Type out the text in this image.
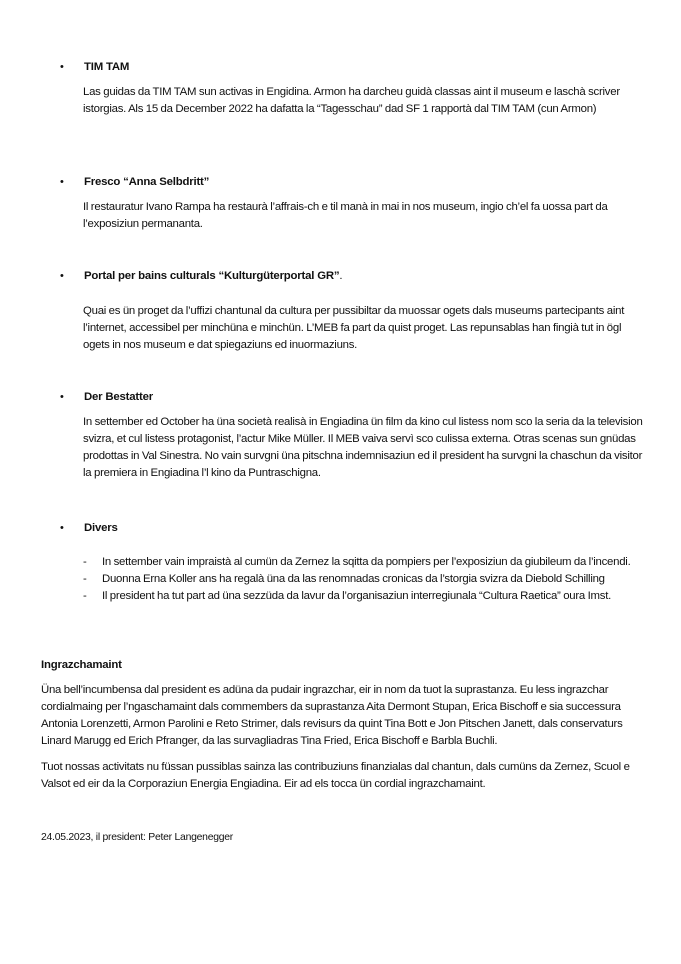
•	TIM TAM
Las guidas da TIM TAM sun activas in Engidina. Armon ha darcheu guidà classas aint il museum e laschà scriver istorgias. Als 15 da December 2022 ha dafatta la “Tagesschau” dad SF 1 rapportà dal TIM TAM (cun Armon)
•	Fresco “Anna Selbdritt”
Il restauratur Ivano Rampa ha restaurà l’affrais-ch e til manà in mai in nos museum, ingio ch’el fa uossa part da l’exposiziun permananta.
•	Portal per bains culturals “Kulturgüterportal GR”.
Quai es ün proget da l’uffizi chantunal da cultura per pussibiltar da muossar ogets dals museums partecipants aint l’internet, accessibel per minchüna e minchün. L’MEB fa part da quist proget. Las repunsablas han fingià tut in ögl ogets in nos museum e dat spiegaziuns ed inuormaziuns.
•	Der Bestatter
In settember ed October ha üna società realisà in Engiadina ün film da kino cul listess nom sco la seria da la television svizra, et cul listess protagonist, l’actur Mike Müller. Il MEB vaiva servì sco culissa externa. Otras scenas sun gnüdas prodottas in Val Sinestra. No vain survgni üna pitschna indemnisaziun ed il president ha survgni la chaschun da visitor la premiera in Engiadina l’l kino da Puntraschigna.
•	Divers
- In settember vain impraistà al cumün da Zernez la sqitta da pompiers per l’exposiziun da giubileum da l’incendi.
- Duonna Erna Koller ans ha regalà üna da las renomnadas cronicas da l’storgia svizra da Diebold Schilling
- Il president ha tut part ad üna sezzüda da lavur da l’organisaziun interregiunala “Cultura Raetica” oura Imst.
Ingrazchamaint
Üna bell’incumbensa dal president es adüna da pudair ingrazchar, eir in nom da tuot la suprastanza. Eu less ingrazchar cordialmaing per l’ngaschamaint dals commembers da suprastanza Aita Dermont Stupan, Erica Bischoff e sia successura Antonia Lorenzetti, Armon Parolini e Reto Strimer, dals revisurs da quint Tina Bott e Jon Pitschen Janett, dals conservaturs Linard Marugg ed Erich Pfranger, da las survagliadras Tina Fried, Erica Bischoff e Barbla Buchli.
Tuot nossas activitats nu füssan pussiblas sainza las contribuziuns finanzialas dal chantun, dals cumüns da Zernez, Scuol e Valsot ed eir da la Corporaziun Energia Engiadina. Eir ad els tocca ün cordial ingrazchamaint.
24.05.2023, il president: Peter Langenegger
